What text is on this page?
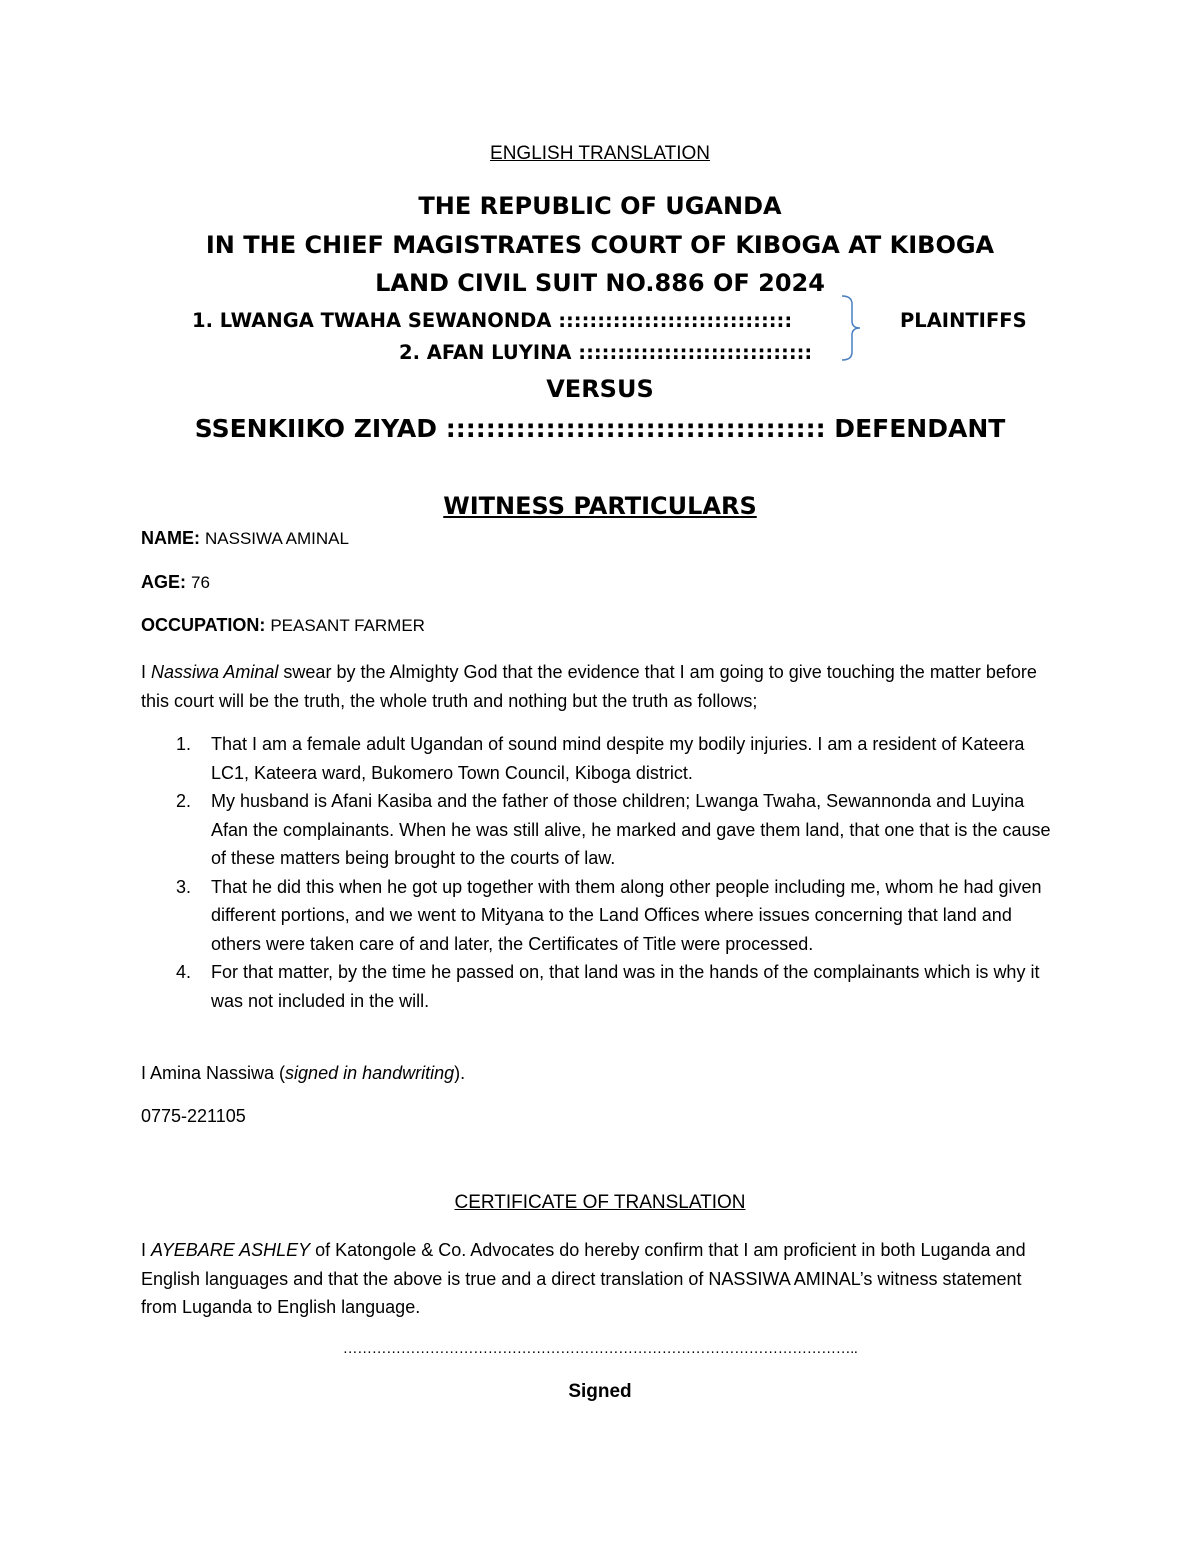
ENGLISH TRANSLATION
THE REPUBLIC OF UGANDA
IN THE CHIEF MAGISTRATES COURT OF KIBOGA AT KIBOGA
LAND CIVIL SUIT NO.886 OF 2024
1. LWANGA TWAHA SEWANONDA ::::::::::::::::::::::::::::::
2. AFAN LUYINA ::::::::::::::::::::::::::::::
PLAINTIFFS
VERSUS
SSENKIIKO ZIYAD :::::::::::::::::::::::::::::::::::::: DEFENDANT
WITNESS PARTICULARS
NAME: NASSIWA AMINAL
AGE: 76
OCCUPATION: PEASANT FARMER
I Nassiwa Aminal swear by the Almighty God that the evidence that I am going to give touching the matter before this court will be the truth, the whole truth and nothing but the truth as follows;
1. That I am a female adult Ugandan of sound mind despite my bodily injuries. I am a resident of Kateera LC1, Kateera ward, Bukomero Town Council, Kiboga district.
2. My husband is Afani Kasiba and the father of those children; Lwanga Twaha, Sewannonda and Luyina Afan the complainants. When he was still alive, he marked and gave them land, that one that is the cause of these matters being brought to the courts of law.
3. That he did this when he got up together with them along other people including me, whom he had given different portions, and we went to Mityana to the Land Offices where issues concerning that land and others were taken care of and later, the Certificates of Title were processed.
4. For that matter, by the time he passed on, that land was in the hands of the complainants which is why it was not included in the will.
I Amina Nassiwa (signed in handwriting).
0775-221105
CERTIFICATE OF TRANSLATION
I AYEBARE ASHLEY of Katongole & Co. Advocates do hereby confirm that I am proficient in both Luganda and English languages and that the above is true and a direct translation of NASSIWA AMINAL’s witness statement from Luganda to English language.
……………………………………………………………………………………………..
Signed
